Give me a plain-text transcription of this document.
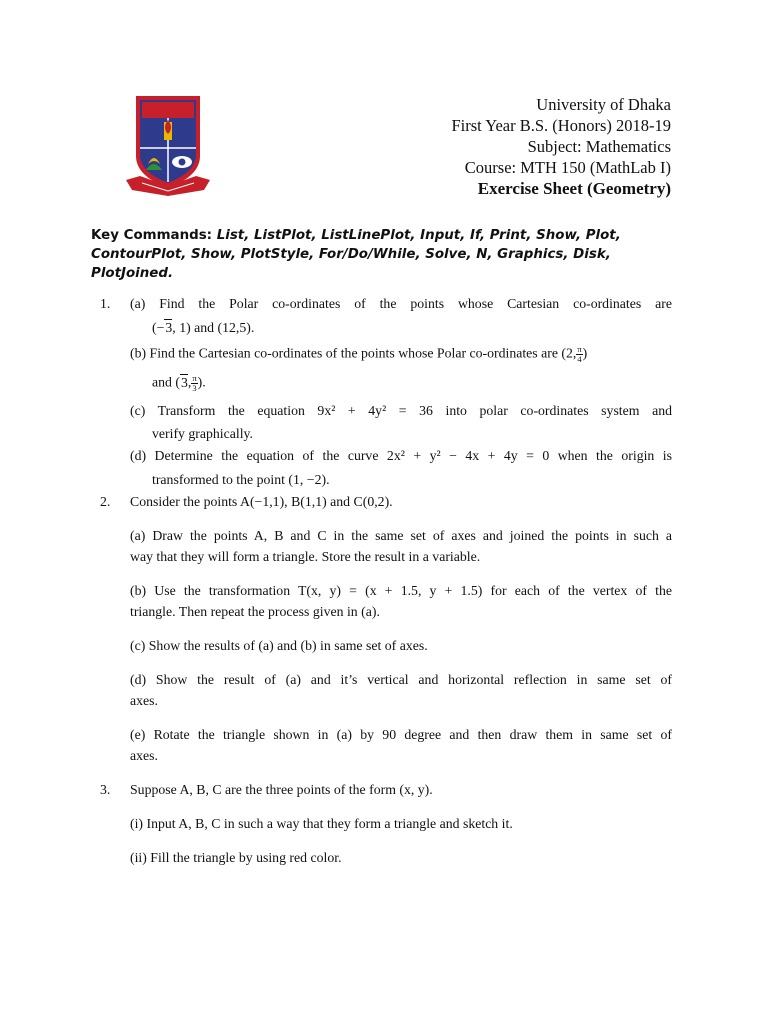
University of Dhaka
First Year B.S. (Honors) 2018-19
Subject: Mathematics
Course: MTH 150 (MathLab I)
Exercise Sheet (Geometry)
Key Commands: List, ListPlot, ListLinePlot, Input, If, Print, Show, Plot, ContourPlot, Show, PlotStyle, For/Do/While, Solve, N, Graphics, Disk, PlotJoined.
1. (a) Find the Polar co-ordinates of the points whose Cartesian co-ordinates are
(−3, 1) and (12,5).
(b) Find the Cartesian co-ordinates of the points whose Polar co-ordinates are (2, $\frac{\pi}{4}$ )
and (3, $\frac{\pi}{3}$ ).
(c) Transform the equation 9x² + 4y² = 36 into polar co-ordinates system and
verify graphically.
(d) Determine the equation of the curve 2x² + y² − 4x + 4y = 0 when the origin is
transformed to the point (1, −2).
2. Consider the points A(−1,1), B(1,1) and C(0,2).
(a) Draw the points A, B and C in the same set of axes and joined the points in such a
way that they will form a triangle. Store the result in a variable.
(b) Use the transformation T(x, y) = (x + 1.5, y + 1.5) for each of the vertex of the
triangle. Then repeat the process given in (a).
(c) Show the results of (a) and (b) in same set of axes.
(d) Show the result of (a) and it’s vertical and horizontal reflection in same set of
axes.
(e) Rotate the triangle shown in (a) by 90 degree and then draw them in same set of
axes.
3. Suppose A, B, C are the three points of the form (x, y).
(i) Input A, B, C in such a way that they form a triangle and sketch it.
(ii) Fill the triangle by using red color.
